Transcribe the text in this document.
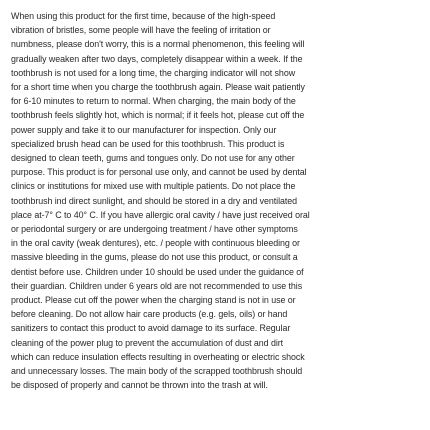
When using this product for the first time, because of the high-speed

vibration of bristles, some people will have the feeling of irritation or

numbness, please don't worry, this is a normal phenomenon, this feeling will

gradually weaken after two days, completely disappear within a week. If the

toothbrush is not used for a long time, the charging indicator will not show

for a short time when you charge the toothbrush again. Please wait patiently

for 6-10 minutes to return to normal. When charging, the main body of the

toothbrush feels slightly hot, which is normal; if it feels hot, please cut off the

power supply and take it to our manufacturer for inspection. Only our

specialized brush head can be used for this toothbrush. This product is

designed to clean teeth, gums and tongues only. Do not use for any other

purpose. This product is for personal use only, and cannot be used by dental

clinics or institutions for mixed use with multiple patients. Do not place the

toothbrush ind direct sunlight, and should be stored in a dry and ventilated

place at-7° C to 40° C. If you have allergic oral cavity / have just received oral

or periodontal surgery or are undergoing treatment / have other symptoms

in the oral cavity (weak dentures), etc. / people with continuous bleeding or

massive bleeding in the gums, please do not use this product, or consult a

dentist before use. Children under 10 should be used under the guidance of

their guardian. Children under 6 years old are not recommended to use this

product. Please cut off the power when the charging stand is not in use or

before cleaning. Do not allow hair care products (e.g. gels, oils) or hand

sanitizers to contact this product to avoid damage to its surface. Regular

cleaning of the power plug to prevent the accumulation of dust and dirt

which can reduce insulation effects resulting in overheating or electric shock

and unnecessary losses. The main body of the scrapped toothbrush should

be disposed of properly and cannot be thrown into the trash at will.
